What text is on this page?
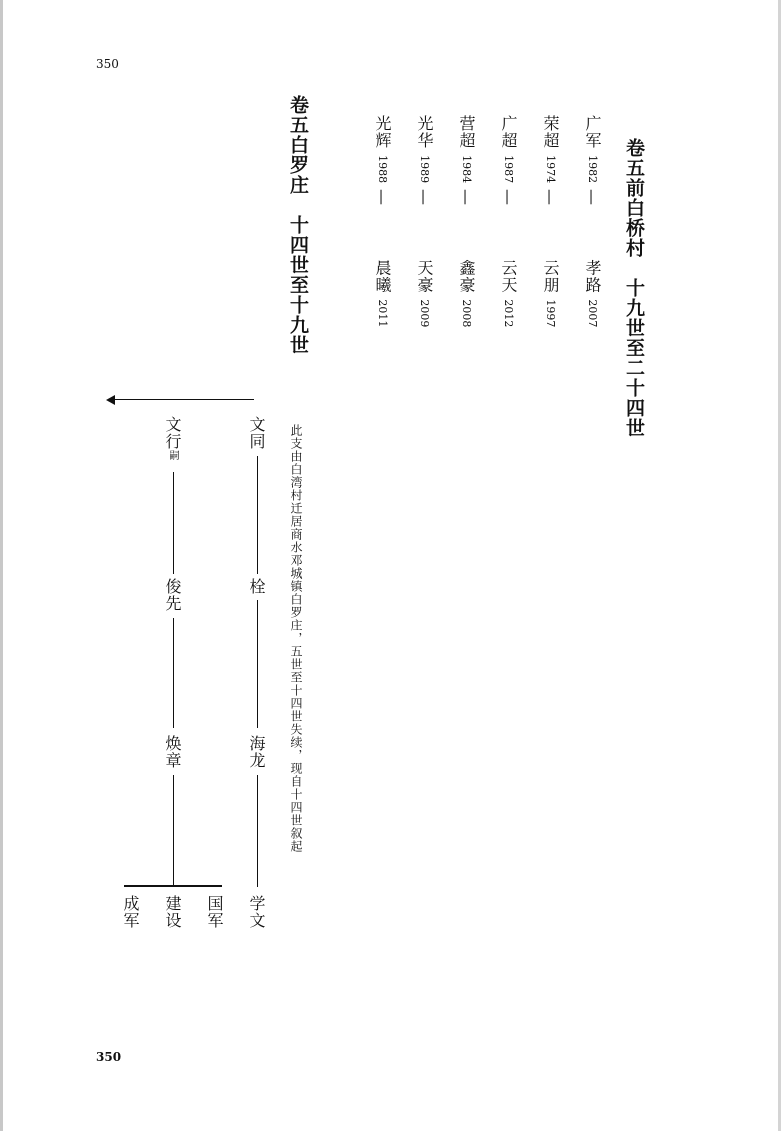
350
卷五前白桥村　十九世至二十四世
广军 1982 — 孝路 2007
荣超 1974 — 云朋 1997
广超 1987 — 云天 2012
营超 1984 — 鑫豪 2008
光华 1989 — 天豪 2009
光辉 1988 — 晨曦 2011
卷五白罗庄　十四世至十九世
此支由白湾村迁居商水邓城镇白罗庄，五世至十四世失续，现自十四世叙起
文同
栓
海龙
学文
文行嗣
俊先
焕章
国军
建设
成军
350
